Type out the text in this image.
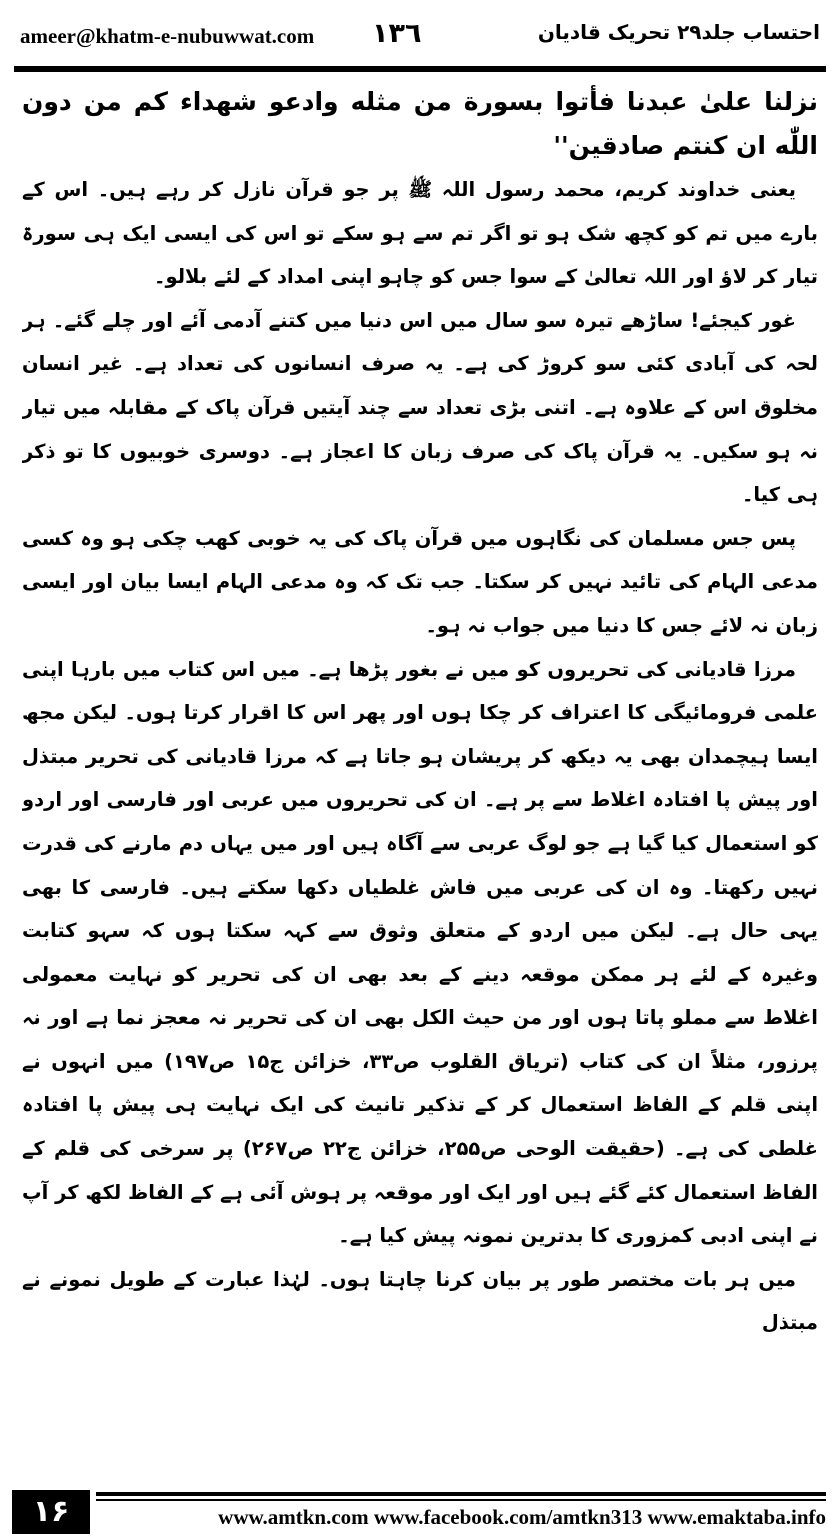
ameer@khatm-e-nubuwwat.com ١٣٦	احتساب جلد۲۹ تحریک قادیان

نزلنا علىٰ عبدنا فأتوا بسورة من مثله وادعو شهداء كم من دون اللّٰه ان كنتم صادقين''

یعنی خداوند کریم، محمد رسول اللہ ﷺ پر جو قرآن نازل کر رہے ہیں۔ اس کے بارے میں تم کو کچھ شک ہو تو اگر تم سے ہو سکے تو اس کی ایسی ایک ہی سورۃ تیار کر لاؤ اور اللہ تعالیٰ کے سوا جس کو چاہو اپنی امداد کے لئے بلالو۔

غور کیجئے! ساڑھے تیرہ سو سال میں اس دنیا میں کتنے آدمی آئے اور چلے گئے۔ ہر لحہ کی آبادی کئی سو کروڑ کی ہے۔ یہ صرف انسانوں کی تعداد ہے۔ غیر انسان مخلوق اس کے علاوہ ہے۔ اتنی بڑی تعداد سے چند آیتیں قرآن پاک کے مقابلہ میں تیار نہ ہو سکیں۔ یہ قرآن پاک کی صرف زبان کا اعجاز ہے۔ دوسری خوبیوں کا تو ذکر ہی کیا۔

پس جس مسلمان کی نگاہوں میں قرآن پاک کی یہ خوبی کھب چکی ہو وہ کسی مدعی الہام کی تائید نہیں کر سکتا۔ جب تک کہ وہ مدعی الہام ایسا بیان اور ایسی زبان نہ لائے جس کا دنیا میں جواب نہ ہو۔

مرزا قادیانی کی تحریروں کو میں نے بغور پڑھا ہے۔ میں اس کتاب میں بارہا اپنی علمی فرومائیگی کا اعتراف کر چکا ہوں اور پھر اس کا اقرار کرتا ہوں۔ لیکن مجھ ایسا ہیچمدان بھی یہ دیکھ کر پریشان ہو جاتا ہے کہ مرزا قادیانی کی تحریر مبتذل اور پیش پا افتادہ اغلاط سے پر ہے۔ ان کی تحریروں میں عربی اور فارسی اور اردو کو استعمال کیا گیا ہے جو لوگ عربی سے آگاہ ہیں اور میں یہاں دم مارنے کی قدرت نہیں رکھتا۔ وہ ان کی عربی میں فاش غلطیاں دکھا سکتے ہیں۔ فارسی کا بھی یہی حال ہے۔ لیکن میں اردو کے متعلق وثوق سے کہہ سکتا ہوں کہ سہو کتابت وغیرہ کے لئے ہر ممکن موقعہ دینے کے بعد بھی ان کی تحریر کو نہایت معمولی اغلاط سے مملو پاتا ہوں اور من حیث الکل بھی ان کی تحریر نہ معجز نما ہے اور نہ پرزور، مثلاً ان کی کتاب (تریاق القلوب ص۳۳، خزائن ج۱۵ ص۱۹۷) میں انہوں نے اپنی قلم کے الفاظ استعمال کر کے تذکیر تانیث کی ایک نہایت ہی پیش پا افتادہ غلطی کی ہے۔ (حقیقت الوحی ص۲۵۵، خزائن ج۲۲ ص۲۶۷) پر سرخی کی قلم کے الفاظ استعمال کئے گئے ہیں اور ایک اور موقعہ پر ہوش آئی ہے کے الفاظ لکھ کر آپ نے اپنی ادبی کمزوری کا بدترین نمونہ پیش کیا ہے۔

میں ہر بات مختصر طور پر بیان کرنا چاہتا ہوں۔ لہٰذا عبارت کے طویل نمونے نے مبتذل

۱۶	www.amtkn.com www.facebook.com/amtkn313 www.emaktaba.info
